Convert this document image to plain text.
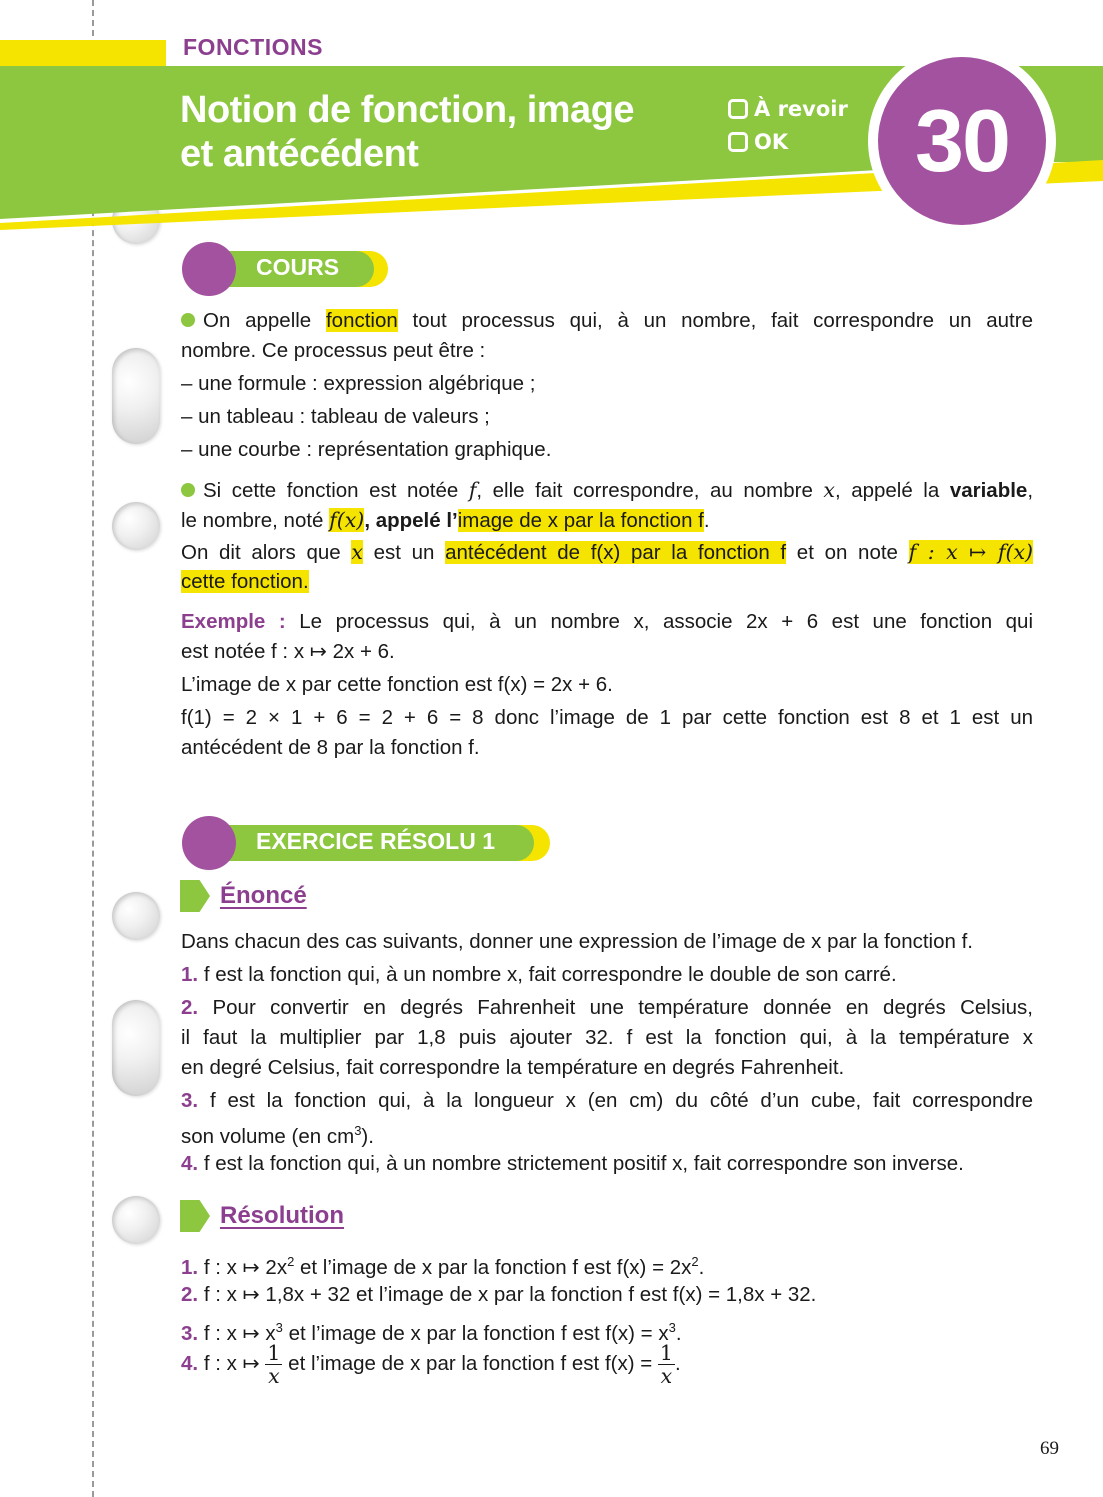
FONCTIONS
Notion de fonction, image
et antécédent
À revoir
OK	30
COURS
On appelle fonction tout processus qui, à un nombre, fait correspondre un autre
nombre. Ce processus peut être :
– une formule : expression algébrique ;
– un tableau : tableau de valeurs ;
– une courbe : représentation graphique.
Si cette fonction est notée f, elle fait correspondre, au nombre x, appelé la variable,
le nombre, noté f(x), appelé l’image de x par la fonction f.
On dit alors que x est un antécédent de f(x) par la fonction f et on note f : x ↦ f(x)
cette fonction.
Exemple : Le processus qui, à un nombre x, associe 2x + 6 est une fonction qui
est notée f : x ↦ 2x + 6.
L’image de x par cette fonction est f(x) = 2x + 6.
f(1) = 2 × 1 + 6 = 2 + 6 = 8 donc l’image de 1 par cette fonction est 8 et 1 est un
antécédent de 8 par la fonction f.
EXERCICE RÉSOLU 1
Énoncé
Dans chacun des cas suivants, donner une expression de l’image de x par la fonction f.
1. f est la fonction qui, à un nombre x, fait correspondre le double de son carré.
2. Pour convertir en degrés Fahrenheit une température donnée en degrés Celsius,
il faut la multiplier par 1,8 puis ajouter 32. f est la fonction qui, à la température x
en degré Celsius, fait correspondre la température en degrés Fahrenheit.
3. f est la fonction qui, à la longueur x (en cm) du côté d’un cube, fait correspondre
son volume (en $cm^3$).
4. f est la fonction qui, à un nombre strictement positif x, fait correspondre son inverse.
Résolution
1. f : x ↦ $2x^2$ et l’image de x par la fonction f est $f(x) = 2x^2$.
2. f : x ↦ 1,8x + 32 et l’image de x par la fonction f est f(x) = 1,8x + 32.
3. f : x ↦ $x^3$ et l’image de x par la fonction f est $f(x) = x^3$.
4. f : x ↦ $\frac{1}{x}$ et l’image de x par la fonction f est $f(x) = \frac{1}{x}$ .
69
